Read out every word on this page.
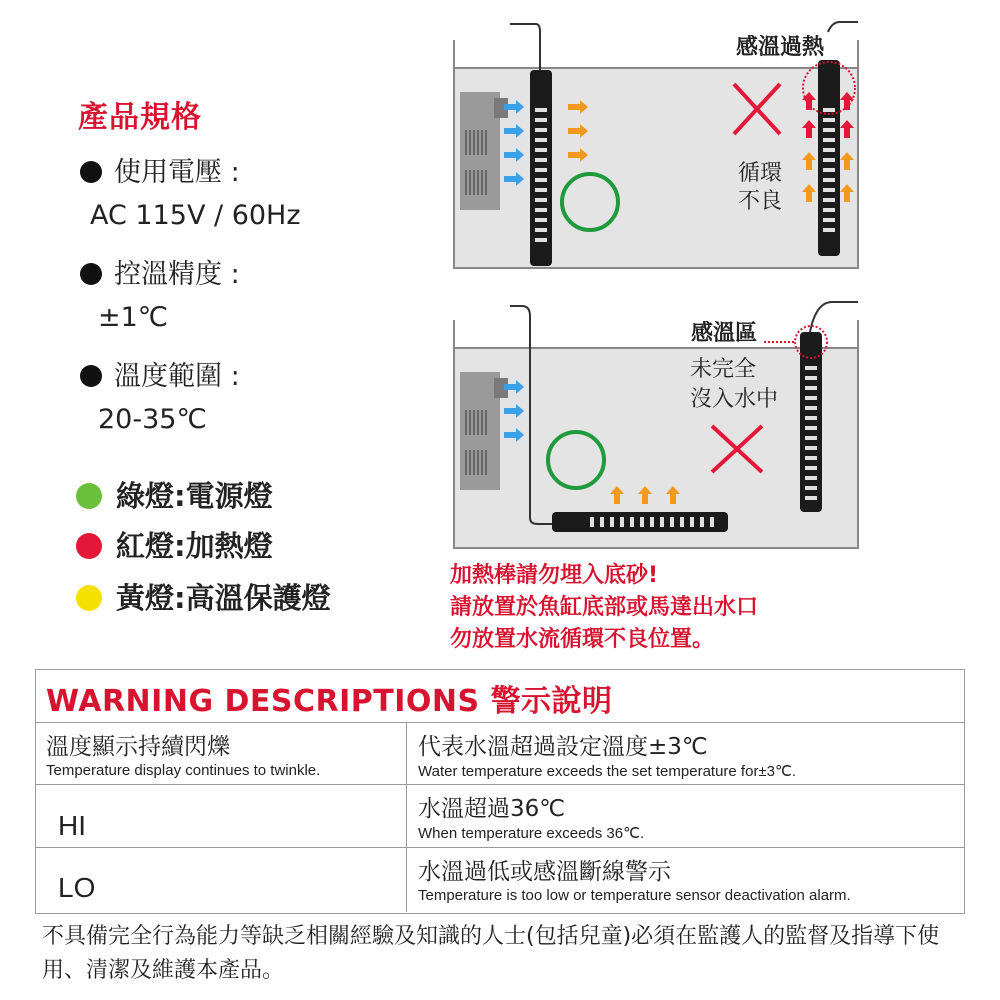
產品規格
使用電壓 :
AC 115V / 60Hz
控溫精度 :
±1℃
溫度範圍 :
20-35℃
綠燈:電源燈
紅燈:加熱燈
黃燈:高溫保護燈
循環
不良
感溫過熱
感溫區
未完全
沒入水中
加熱棒請勿埋入底砂!
請放置於魚缸底部或馬達出水口
勿放置水流循環不良位置。
WARNING DESCRIPTIONS 警示說明
溫度顯示持續閃爍
Temperature display continues to twinkle.
代表水溫超過設定溫度±3℃
Water temperature exceeds the set temperature for±3℃.
HI
水溫超過36℃
When temperature exceeds 36℃.
LO	水溫過低或感溫斷線警示
Temperature is too low or temperature sensor deactivation alarm.
不具備完全行為能力等缺乏相關經驗及知識的人士(包括兒童)必須在監護人的監督及指導下使用、清潔及維護本產品。
